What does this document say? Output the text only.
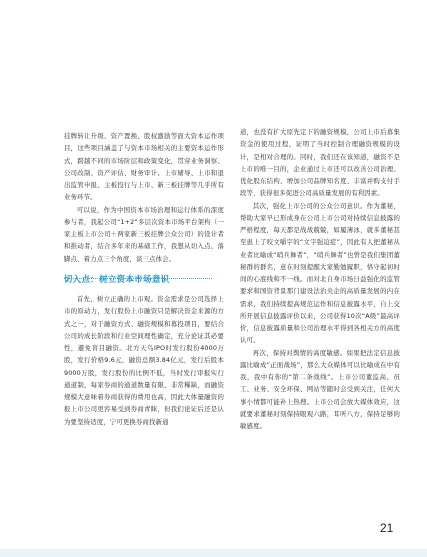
挂牌转让升级、资产置换、股权激励等面大资本运作项目，这些项目涵盖了与资本市场相关的主要资本运作形式，跨越不同的市场阶层和政策变化，贯穿业务洞察、公司改制、资产评估、财务审计、上市辅导、上市和退出监管申报、主板投行与上市、新三板挂牌等几乎所有业务环节。

可以说，作为中国资本市场治理和运行体系的深度参与者，我起公司“1+2”多层次资本市场平台架构（一家主板上市公司＋两家新三板挂牌公众公司）的设计者和推动者，结合多年来的基础工作，我想从切入点、落脚点、着力点三个角度，谈三点体会。

切入点：树立资本市场意识

首先，树立正确的上市观。资金需求是公司选择上市的原动力，发行股份上市融资只是解决资金来源的方式之一，对于融资方式、融资规模和募投项目，要结合公司的成长阶段和行业空间理性确定，充分论证其必要性，避免盲目融资。北方天鸟IPO时发行股份4000万股，发行价格9.6元，融资总额3.84亿元，发行后股本9000万股，发行股份的比例不低，当时发行审报实行通道制，每家券商的通道数量有限、非常稀缺，而融资规模大意味着券商获得的费用也高，因此大体量融资的报上市公司更容易受到券商青睐，但我们论证后还是认为要坚持适度，宁可更换券商找新通

道，也没有扩大原先定下的融资规模，公司上市后募集资金的使用过程，证明了当时控制合理融资规模的设计，是相对合理的。同时，我们还在该知道，融资不是上市的唯一目的，企业通过上市还可以改善公司治理、优化股东结构、增加公司品牌知名度、丰富并购支付手段等，获得很多促进公司高质量发展的有利因素。

其次，强化上市公司的公众公司意识。作为董秘，帮助大家早已形成身在公司上市公司对持续信息披露的严格程度，每天都是战战兢兢，如履薄冰，就多董秘甚至患上了咬文嚼字的“文字强迫症”，因此有人把董秘从业者比喻成“哨兵舞者”，“哨兵舞者”也曾是我们集团董秘群的群名，意在时刻提醒大家勤勉履职，恪守起初时间的心底线和不一线。而对北自身市场日益强化的监管要求和国资背景那门建设法治央企的高质量发展的内在需求，我们持续提高规范运作和信息披露水平，自上交所开展信息披露评价以来，公司获得10次“A级”最高评价，信息披露质量和公司治理水平得到各相关方的高度认可。

再次，保持对舆情的高度敏感。如果把法定信息披露比喻成“正面战场”，那么大众媒体可以比喻成在中有我，我中有你的“第二条战线”。上市公司董监高、员工、业务、安全环保、网站等随时会受到关注，任何大事小情都可能补上热搜。上市公司会放大媒体效应，这就要求董秘时刻保持眼观六路，耳听八方，保持足够的敏感度。

21
